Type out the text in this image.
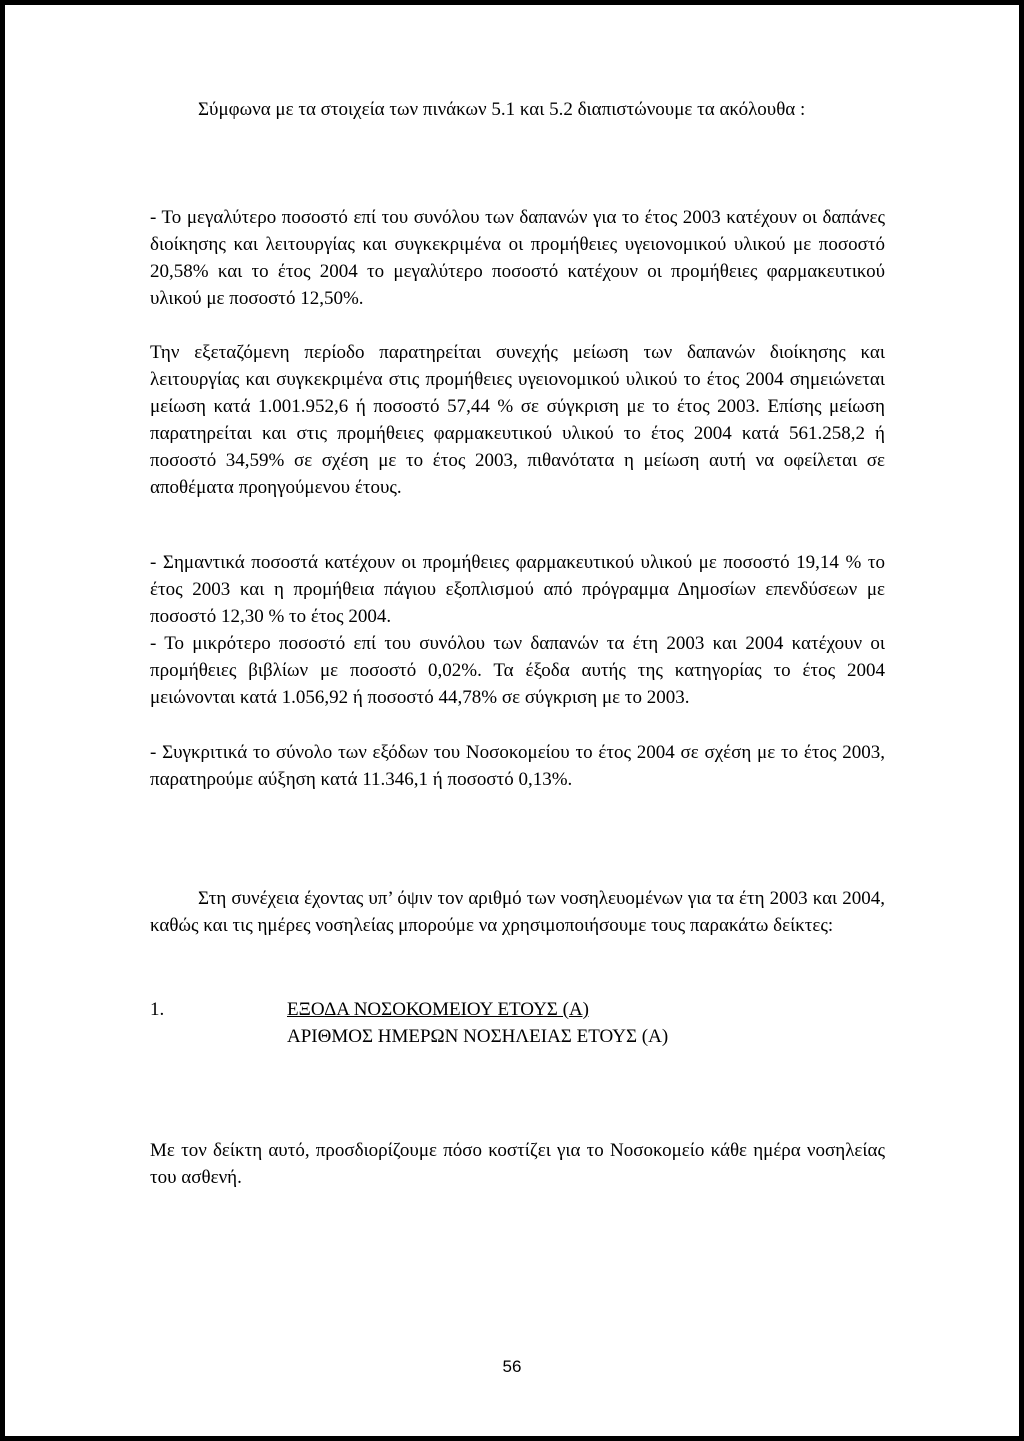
Σύμφωνα με τα στοιχεία των πινάκων 5.1 και 5.2 διαπιστώνουμε τα ακόλουθα :

- Το μεγαλύτερο ποσοστό επί του συνόλου των δαπανών για το έτος 2003 κατέχουν οι δαπάνες διοίκησης και λειτουργίας και συγκεκριμένα οι προμήθειες υγειονομικού υλικού με ποσοστό 20,58% και το έτος 2004 το μεγαλύτερο ποσοστό κατέχουν οι προμήθειες φαρμακευτικού υλικού με ποσοστό 12,50%.

Την εξεταζόμενη περίοδο παρατηρείται συνεχής μείωση των δαπανών διοίκησης και λειτουργίας και συγκεκριμένα στις προμήθειες υγειονομικού υλικού το έτος 2004 σημειώνεται μείωση κατά 1.001.952,6 ή ποσοστό 57,44 % σε σύγκριση με το έτος 2003. Επίσης μείωση παρατηρείται και στις προμήθειες φαρμακευτικού υλικού το έτος 2004 κατά 561.258,2 ή ποσοστό 34,59% σε σχέση με το έτος 2003, πιθανότατα η μείωση αυτή να οφείλεται σε αποθέματα προηγούμενου έτους.

- Σημαντικά ποσοστά κατέχουν οι προμήθειες φαρμακευτικού υλικού με ποσοστό 19,14 % το έτος 2003 και η προμήθεια πάγιου εξοπλισμού από πρόγραμμα Δημοσίων επενδύσεων με ποσοστό 12,30 % το έτος 2004.

- Το μικρότερο ποσοστό επί του συνόλου των δαπανών τα έτη 2003 και 2004 κατέχουν οι προμήθειες βιβλίων με ποσοστό 0,02%. Τα έξοδα αυτής της κατηγορίας το έτος 2004 μειώνονται κατά 1.056,92 ή ποσοστό 44,78% σε σύγκριση με το 2003.

- Συγκριτικά το σύνολο των εξόδων του Νοσοκομείου το έτος 2004 σε σχέση με το έτος 2003, παρατηρούμε αύξηση κατά 11.346,1 ή ποσοστό 0,13%.

Στη συνέχεια έχοντας υπ’ όψιν τον αριθμό των νοσηλευομένων για τα έτη 2003 και 2004, καθώς και τις ημέρες νοσηλείας μπορούμε να χρησιμοποιήσουμε τους παρακάτω δείκτες:

1.	ΕΞΟΔΑ ΝΟΣΟΚΟΜΕΙΟΥ ΕΤΟΥΣ (Α)
ΑΡΙΘΜΟΣ ΗΜΕΡΩΝ ΝΟΣΗΛΕΙΑΣ ΕΤΟΥΣ (Α)

Με τον δείκτη αυτό, προσδιορίζουμε πόσο κοστίζει για το Νοσοκομείο κάθε ημέρα νοσηλείας του ασθενή.

56
